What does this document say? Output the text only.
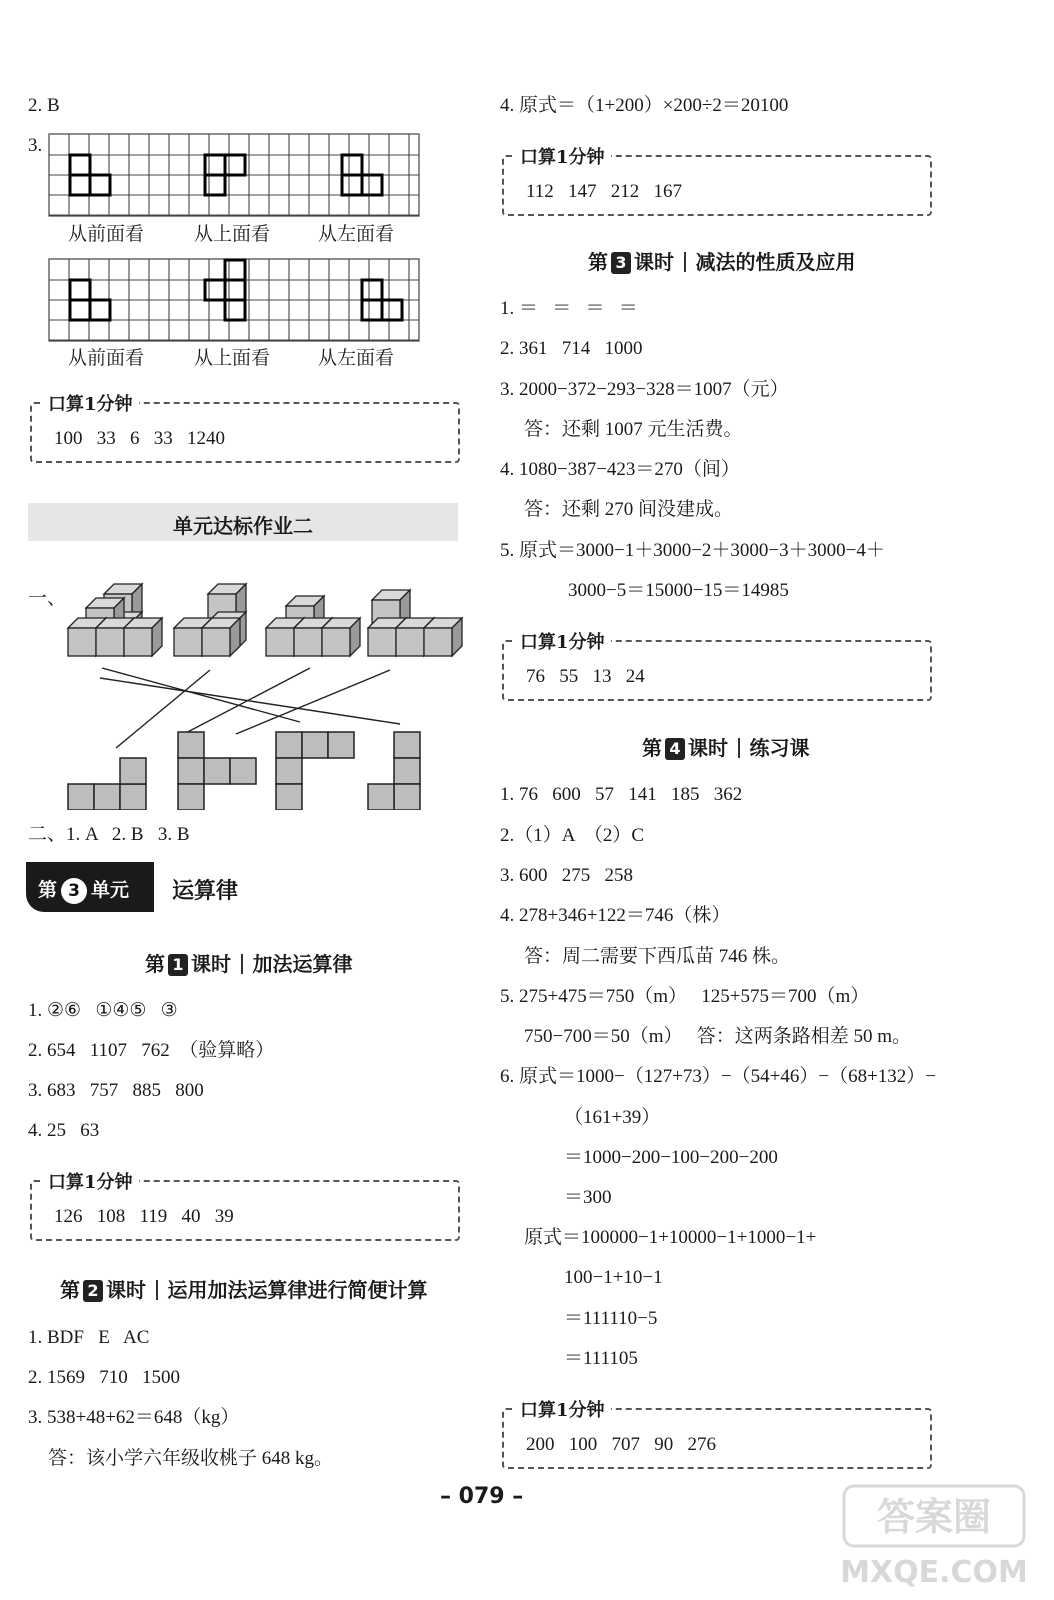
2. B
3.
从前面看	从上面看	从左面看
从前面看	从上面看	从左面看
口算1分钟
100   33   6   33   1240
单元达标作业二
一、
二、1. A   2. B   3. B
第 3 单元 运算律
第 1 课时 加法运算律
1. ②⑥   ①④⑤   ③
2. 654   1107   762  （验算略）
3. 683   757   885   800
4. 25   63
口算1分钟
126   108   119   40   39
第 2 课时 运用加法运算律进行简便计算
1. BDF   E   AC
2. 1569   710   1500
3. 538+48+62＝648（kg）
答：该小学六年级收桃子 648 kg。
4. 原式＝（1+200）×200÷2＝20100
口算1分钟
112   147   212   167
第 3 课时 减法的性质及应用
1. ＝   ＝   ＝   ＝
2. 361   714   1000
3. 2000−372−293−328＝1007（元）
答：还剩 1007 元生活费。
4. 1080−387−423＝270（间）
答：还剩 270 间没建成。
5. 原式＝3000−1＋3000−2＋3000−3＋3000−4＋
3000−5＝15000−15＝14985
口算1分钟
76   55   13   24
第 4 课时 练习课
1. 76   600   57   141   185   362
2.（1）A  （2）C
3. 600   275   258
4. 278+346+122＝746（株）
答：周二需要下西瓜苗 746 株。
5. 275+475＝750（m）   125+575＝700（m）
750−700＝50（m）   答：这两条路相差 50 m。
6. 原式＝1000−（127+73）−（54+46）−（68+132）−
（161+39）
＝1000−200−100−200−200
＝300
原式＝100000−1+10000−1+1000−1+
100−1+10−1
＝111110−5
＝111105
口算1分钟
200   100   707   90   276
– 079 –	答案圈
MXQE.COM
